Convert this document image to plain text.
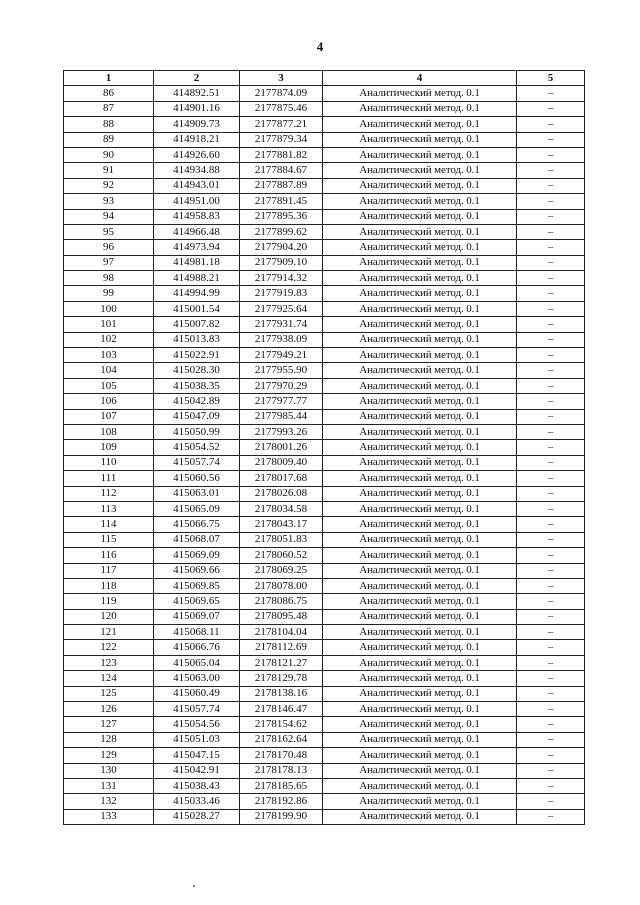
4
1	2	3	4	5
86	414892.51	2177874.09	Аналитический метод. 0.1	–
87	414901.16	2177875.46	Аналитический метод. 0.1	–
88	414909.73	2177877.21	Аналитический метод. 0.1	–
89	414918.21	2177879.34	Аналитический метод. 0.1	–
90	414926.60	2177881.82	Аналитический метод. 0.1	–
91	414934.88	2177884.67	Аналитический метод. 0.1	–
92	414943.01	2177887.89	Аналитический метод. 0.1	–
93	414951.00	2177891.45	Аналитический метод. 0.1	–
94	414958.83	2177895.36	Аналитический метод. 0.1	–
95	414966.48	2177899.62	Аналитический метод. 0.1	–
96	414973.94	2177904.20	Аналитический метод. 0.1	–
97	414981.18	2177909.10	Аналитический метод. 0.1	–
98	414988.21	2177914.32	Аналитический метод. 0.1	–
99	414994.99	2177919.83	Аналитический метод. 0.1	–
100	415001.54	2177925.64	Аналитический метод. 0.1	–
101	415007.82	2177931.74	Аналитический метод. 0.1	–
102	415013.83	2177938.09	Аналитический метод. 0.1	–
103	415022.91	2177949.21	Аналитический метод. 0.1	–
104	415028.30	2177955.90	Аналитический метод. 0.1	–
105	415038.35	2177970.29	Аналитический метод. 0.1	–
106	415042.89	2177977.77	Аналитический метод. 0.1	–
107	415047.09	2177985.44	Аналитический метод. 0.1	–
108	415050.99	2177993.26	Аналитический метод. 0.1	–
109	415054.52	2178001.26	Аналитический метод. 0.1	–
110	415057.74	2178009.40	Аналитический метод. 0.1	–
111	415060.56	2178017.68	Аналитический метод. 0.1	–
112	415063.01	2178026.08	Аналитический метод. 0.1	–
113	415065.09	2178034.58	Аналитический метод. 0.1	–
114	415066.75	2178043.17	Аналитический метод. 0.1	–
115	415068.07	2178051.83	Аналитический метод. 0.1	–
116	415069.09	2178060.52	Аналитический метод. 0.1	–
117	415069.66	2178069.25	Аналитический метод. 0.1	–
118	415069.85	2178078.00	Аналитический метод. 0.1	–
119	415069.65	2178086.75	Аналитический метод. 0.1	–
120	415069.07	2178095.48	Аналитический метод. 0.1	–
121	415068.11	2178104.04	Аналитический метод. 0.1	–
122	415066.76	2178112.69	Аналитический метод. 0.1	–
123	415065.04	2178121.27	Аналитический метод. 0.1	–
124	415063.00	2178129.78	Аналитический метод. 0.1	–
125	415060.49	2178138.16	Аналитический метод. 0.1	–
126	415057.74	2178146.47	Аналитический метод. 0.1	–
127	415054.56	2178154.62	Аналитический метод. 0.1	–
128	415051.03	2178162.64	Аналитический метод. 0.1	–
129	415047.15	2178170.48	Аналитический метод. 0.1	–
130	415042.91	2178178.13	Аналитический метод. 0.1	–
131	415038.43	2178185.65	Аналитический метод. 0.1	–
132	415033.46	2178192.86	Аналитический метод. 0.1	–
133	415028.27	2178199.90	Аналитический метод. 0.1	–
